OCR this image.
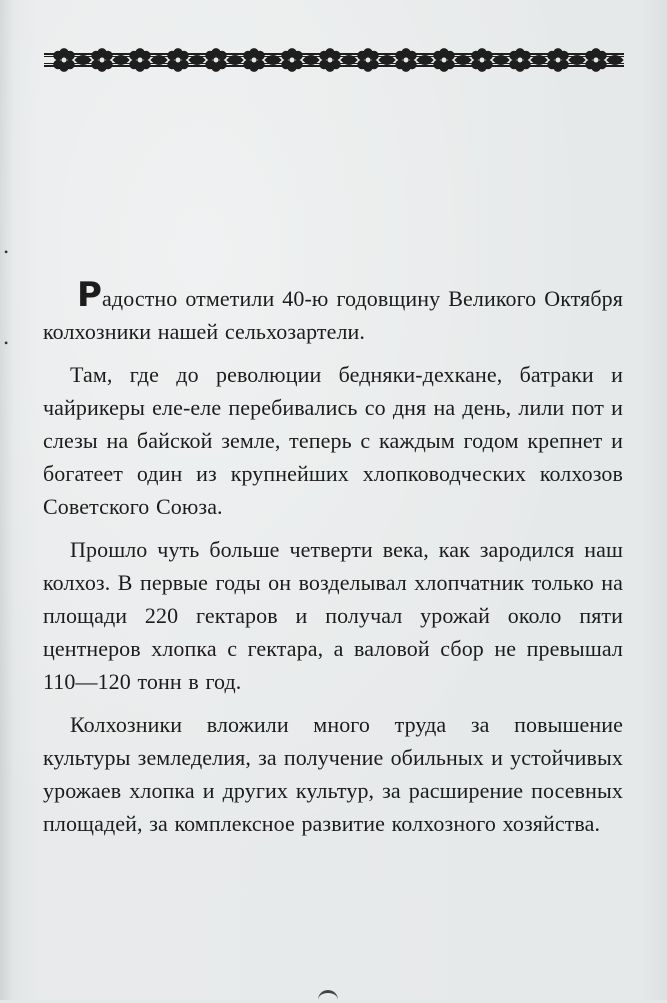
•
•

Радостно отметили 40-ю годовщину Великого Октября колхозники нашей сельхозартели.

Там, где до революции бедняки-дехкане, батраки и чайрикеры еле-еле перебивались со дня на день, лили пот и слезы на байской земле, теперь с каждым годом крепнет и богатеет один из крупнейших хлопководческих колхозов Советского Союза.

Прошло чуть больше четверти века, как зародился наш колхоз. В первые годы он возделывал хлопчатник только на площади 220 гектаров и получал урожай около пяти центнеров хлопка с гектара, а валовой сбор не превышал 110—120 тонн в год.

Колхозники вложили много труда за повышение культуры земледелия, за получение обильных и устойчивых урожаев хлопка и других культур, за расширение посевных площадей, за комплексное развитие колхозного хозяйства.
